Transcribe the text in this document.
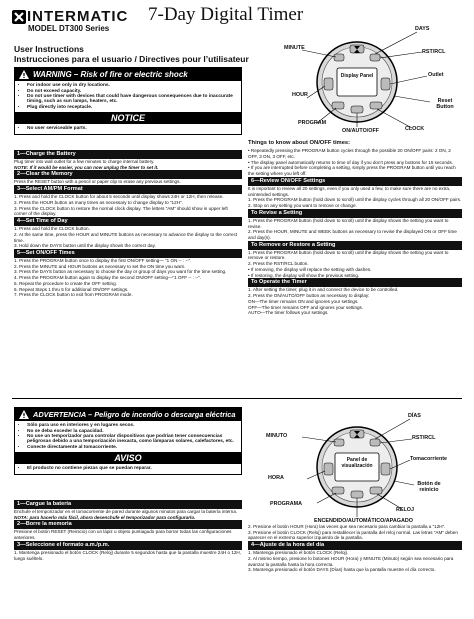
INTERMATIC 7-Day Digital Timer
MODEL DT300 Series
User Instructions
Instrucciones para el usuario / Directives pour l’utilisateur
WARNING – Risk of fire or electric shock
• For indoor use only in dry locations.
• Do not exceed capacity.
• Do not use timer with devices that could have dangerous consequences due to inaccurate timing, such as sun lamps, heaters, etc.
• Plug directly into receptacle.
NOTICE
• No user serviceable parts.
DAYS
MINUTE
RST/RCL
Display Panel	Outlet
HOUR
Reset Button
PROGRAM
ON/AUTO/OFF	CLOCK
1—Charge the Battery

Plug timer into wall outlet for a few minutes to charge internal battery.

NOTE: If it would be easier, you can now unplug the timer to set it.

2—Clear the Memory

Press the RESET button with a pencil or paper clip to erase any previous settings.

3—Select AM/PM Format

1. Press and hold the CLOCK button for about 5 seconds until display shows 24H or 12H, then release.

2. Press the HOUR button as many times as necessary to change display to “12H”.

3. Press the CLOCK button to restore the normal clock display. The letters “AM” should show in upper left corner of the display.

4—Set Time of Day

1. Press and hold the CLOCK button.

2. At the same time, press the HOUR and MINUTE buttons as necessary to advance the display to the correct time.

3. Hold down the DAYS button until the display shows the correct day.

5—Set ON/OFF Times

1. Press the PROGRAM button once to display the first ON/OFF setting— “1 ON -- : --”.

2. Press the MINUTE and HOUR buttons as necessary to set the ON time you want.

3. Press the DAYS button as necessary to choose the day or group of days you want for the time setting.

4. Press the PROGRAM button again to display the second ON/OFF setting—“1 OFF -- : --”.

5. Repeat the procedure to create the OFF setting.

6. Repeat Steps 1 thru 5 for additional ON/OFF settings.

7. Press the CLOCK button to exit from PROGRAM mode.

Things to know about ON/OFF times:

• Repeatedly pressing the PROGRAM button cycles through the possible 20 ON/OFF pairs: 2 ON, 2 OFF, 3 ON, 3 OFF, etc.

• The display panel automatically returns to time of day if you don’t press any buttons for 15 seconds.

• If you are interrupted before completing a setting, simply press the PROGRAM button until you reach the setting where you left off.

6—Review ON/OFF Settings

It is important to review all 20 settings, even if you only used a few, to make sure there are no extra, unintended settings.

1. Press the PROGRAM button (hold down to scroll) until the display cycles through all 20 ON/OFF pairs.

2. Stop on any setting you want to remove or change.

To Revise a Setting

1. Press the PROGRAM button (hold down to scroll) until the display shows the setting you want to revise.

2. Press the HOUR, MINUTE and WEEK buttons as necessary to revise the displayed ON or OFF time and day(s).

To Remove or Restore a Setting

1. Press the PROGRAM button (hold down to scroll) until the display shows the setting you want to remove or restore.

2. Press the RST/RCL button.

• If removing, the display will replace the setting with dashes.

• If restoring, the display will show the previous setting.

To Operate the Timer

1. After setting the timer, plug it in and connect the device to be controlled.

2. Press the ON/AUTO/OFF button as necessary to display:

ON—The timer remains ON and ignores your settings.

OFF—The timer remains OFF and ignores your settings.

AUTO—The timer follows your settings.

ADVERTENCIA – Peligro de incendio o descarga eléctrica
• Sólo para uso en interiores y en lugares secos.
• No se deba exceder la capacidad.
• No use un temporizador para controlar dispositivos que podrían tener consecuencias peligrosas debido a una temporización inexacta, como lámparas solares, calefactores, etc.
• Conecte directamente al tomacorriente.
AVISO
• El producto no contiene piezas que se puedan reparar.
DÍAS
MINUTO	RST/RCL
Panel de visualización
Tomacorriente
HORA
Botón de reinicio
PROGRAMA
ENCENDIDO/AUTOMÁTICO/APAGADO
RELOJ
1—Cargue la batería

Enchufe el temporizador en el tomacorriente de pared durante algunos minutos para cargar la batería interna.

NOTA: para hacerlo más fácil, ahora desenchufe el temporizador para configurarlo.

2—Borre la memoria

Presione el botón RESET (Reinicio) con un lápiz u objeto puntiagudo para borrar todas las configuraciones anteriores.

3—Seleccione el formato a.m./p.m.

1. Mantenga presionado el botón CLOCK (Reloj) durante 5 segundos hasta que la pantalla muestre 24H o 12H, luego suéltelo.

2. Presione el botón HOUR (Hora) las veces que sea necesario para cambiar la pantalla a “12H”.

3. Presione el botón CLOCK (Reloj) para restablecer la pantalla del reloj normal. Las letras “AM” deben aparecer en el extremo superior izquierdo de la pantalla.

4—Ajuste de la hora del día

1. Mantenga presionado el botón CLOCK (Reloj).

2. Al mismo tiempo, presione lo botones HOUR (Hora) y MINUTE (Minuto) según sea necesario para avanzar la pantalla hasta la hora correcta.

3. Mantenga presionado el botón DAYS (Días) hasta que la pantalla muestre el día correcto.
